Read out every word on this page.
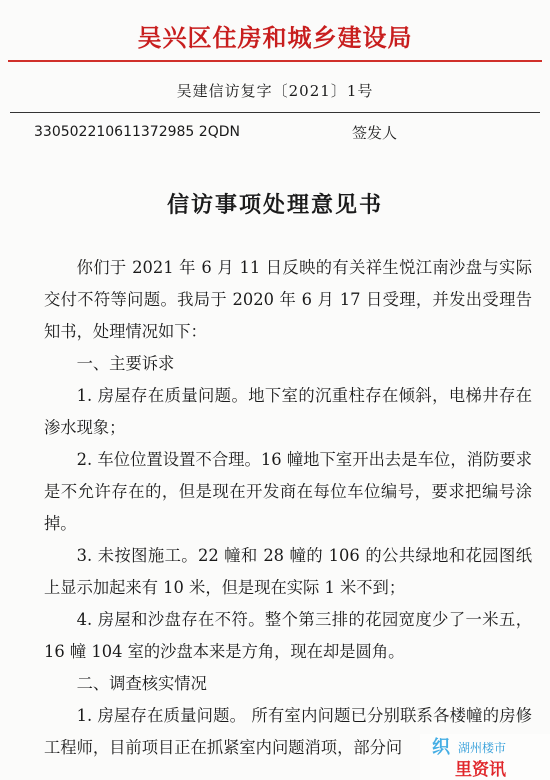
吴兴区住房和城乡建设局
吴建信访复字〔2021〕1号
330502210611372985 2QDN	签发人
信访事项处理意见书

你们于 2021 年 6 月 11 日反映的有关祥生悦江南沙盘与实际交付不符等问题。我局于 2020 年 6 月 17 日受理，并发出受理告知书，处理情况如下：

一、主要诉求

1. 房屋存在质量问题。地下室的沉重柱存在倾斜，电梯井存在渗水现象；

2. 车位位置设置不合理。16 幢地下室开出去是车位，消防要求是不允许存在的，但是现在开发商在每位车位编号，要求把编号涂掉。

3. 未按图施工。22 幢和 28 幢的 106 的公共绿地和花园图纸上显示加起来有 10 米，但是现在实际 1 米不到；

4. 房屋和沙盘存在不符。整个第三排的花园宽度少了一米五，16 幢 104 室的沙盘本来是方角，现在却是圆角。

二、调查核实情况

1. 房屋存在质量问题。 所有室内问题已分别联系各楼幢的房修工程师，目前项目正在抓紧室内问题消项，部分问	织 湖州楼市
里资讯
